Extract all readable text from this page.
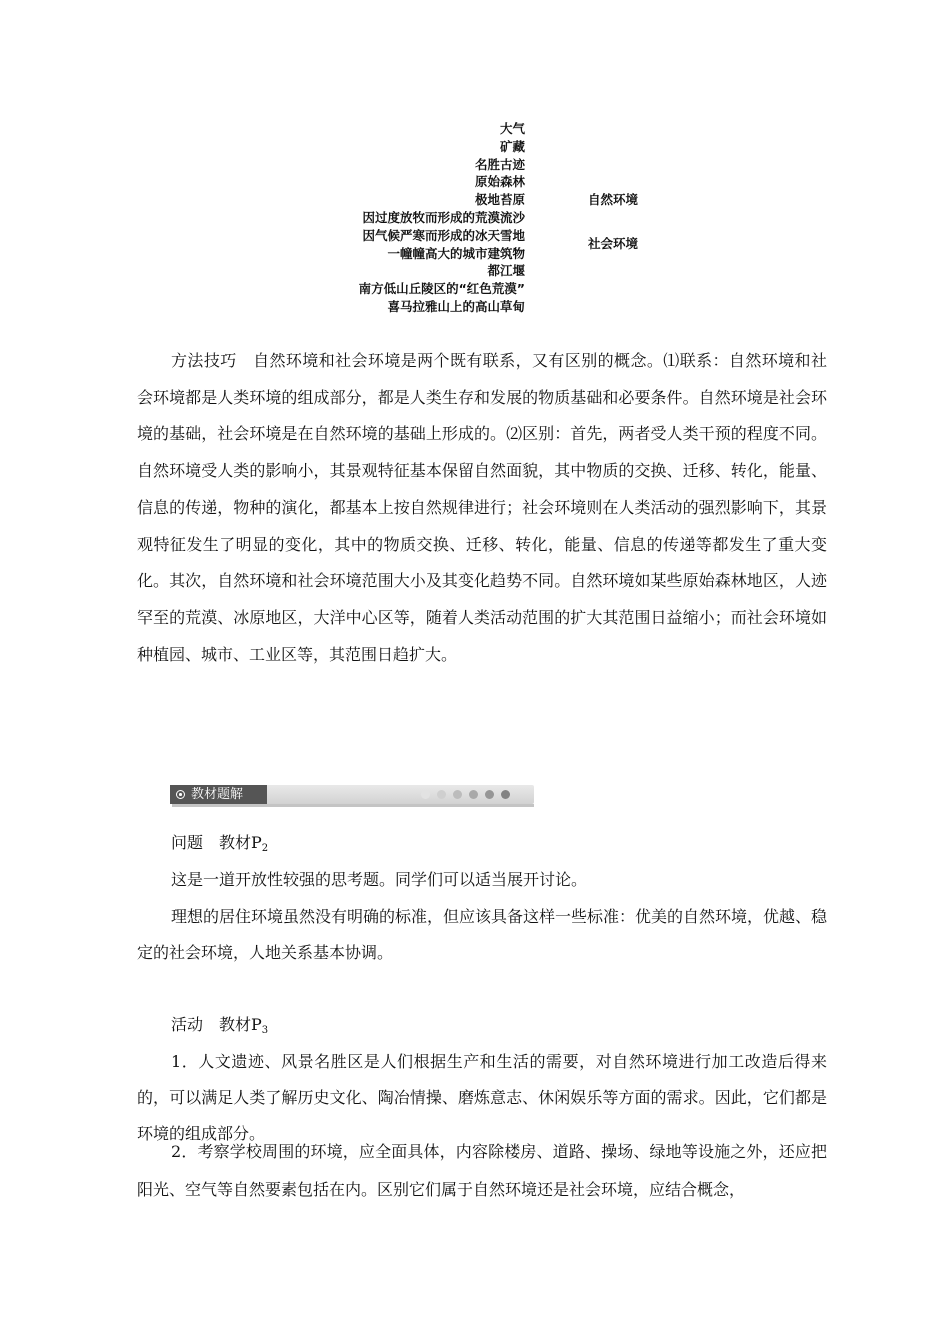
大气
矿藏
名胜古迹
原始森林
极地苔原
因过度放牧而形成的荒漠流沙
因气候严寒而形成的冰天雪地
一幢幢高大的城市建筑物
都江堰
南方低山丘陵区的“红色荒漠”
喜马拉雅山上的高山草甸
自然环境
社会环境

方法技巧　 自然环境和社会环境是两个既有联系，又有区别的概念。⑴联系：自然环境和社会环境都是人类环境的组成部分，都是人类生存和发展的物质基础和必要条件。自然环境是社会环境的基础，社会环境是在自然环境的基础上形成的。⑵区别：首先，两者受人类干预的程度不同。自然环境受人类的影响小，其景观特征基本保留自然面貌，其中物质的交换、迁移、转化，能量、信息的传递，物种的演化，都基本上按自然规律进行；社会环境则在人类活动的强烈影响下，其景观特征发生了明显的变化，其中的物质交换、迁移、转化，能量、信息的传递等都发生了重大变化。其次，自然环境和社会环境范围大小及其变化趋势不同。自然环境如某些原始森林地区，人迹罕至的荒漠、冰原地区，大洋中心区等，随着人类活动范围的扩大其范围日益缩小；而社会环境如种植园、城市、工业区等，其范围日趋扩大。

教材题解

问题　教材$P_2$

这是一道开放性较强的思考题。同学们可以适当展开讨论。

理想的居住环境虽然没有明确的标准，但应该具备这样一些标准：优美的自然环境，优越、稳定的社会环境，人地关系基本协调。

活动　教材$P_3$

1．人文遗迹、风景名胜区是人们根据生产和生活的需要，对自然环境进行加工改造后得来的，可以满足人类了解历史文化、陶冶情操、磨炼意志、休闲娱乐等方面的需求。因此，它们都是环境的组成部分。

2．考察学校周围的环境，应全面具体，内容除楼房、道路、操场、绿地等设施之外，还应把阳光、空气等自然要素包括在内。区别它们属于自然环境还是社会环境，应结合概念，
